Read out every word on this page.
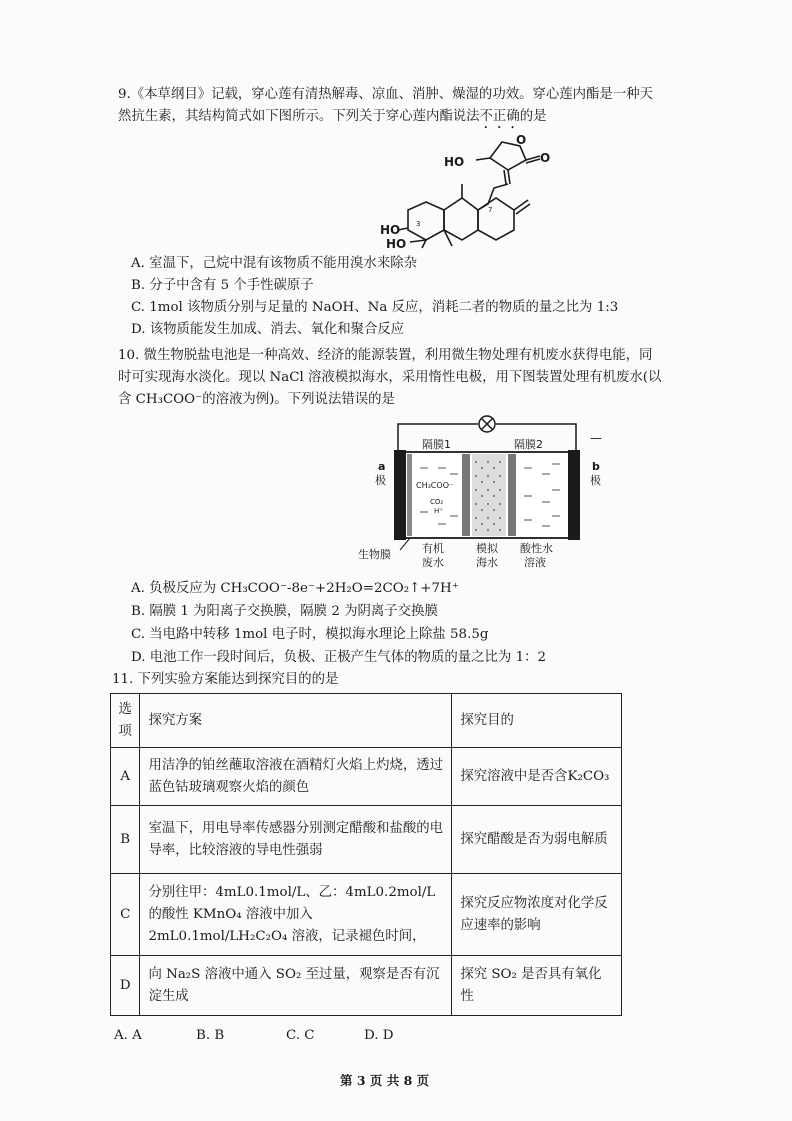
9.《本草纲目》记载，穿心莲有清热解毒、凉血、消肿、燥湿的功效。穿心莲内酯是一种天
然抗生素，其结构简式如下图所示。下列关于穿心莲内酯说法不正确的是
HO
O
O
HO
HO
3
7
A. 室温下，己烷中混有该物质不能用溴水来除杂
B. 分子中含有 5 个手性碳原子
C. 1mol 该物质分别与足量的 NaOH、Na 反应，消耗二者的物质的量之比为 1:3
D. 该物质能发生加成、消去、氧化和聚合反应
10. 微生物脱盐电池是一种高效、经济的能源装置，利用微生物处理有机废水获得电能，同
时可实现海水淡化。现以 NaCl 溶液模拟海水，采用惰性电极，用下图装置处理有机废水(以
含 CH₃COO⁻的溶液为例)。下列说法错误的是
隔膜1	隔膜2	—
a
极
b
极
CH₃COO⁻
CO₂
H⁺
生物膜	有机
废水
模拟
海水
酸性水
溶液
A. 负极反应为 CH₃COO⁻-8e⁻+2H₂O=2CO₂↑+7H⁺
B. 隔膜 1 为阳离子交换膜，隔膜 2 为阴离子交换膜
C. 当电路中转移 1mol 电子时，模拟海水理论上除盐 58.5g
D. 电池工作一段时间后，负极、正极产生气体的物质的量之比为 1：2
11. 下列实验方案能达到探究目的的是
选项	探究方案	探究目的
A	用洁净的铂丝蘸取溶液在酒精灯火焰上灼烧，透过蓝色钴玻璃观察火焰的颜色	探究溶液中是否含K₂CO₃
B	室温下，用电导率传感器分别测定醋酸和盐酸的电导率，比较溶液的导电性强弱	探究醋酸是否为弱电解质
C	分别往甲：4mL0.1mol/L、乙：4mL0.2mol/L 的酸性 KMnO₄ 溶液中加入 2mL0.1mol/LH₂C₂O₄ 溶液，记录褪色时间，	探究反应物浓度对化学反应速率的影响
D	向 Na₂S 溶液中通入 SO₂ 至过量，观察是否有沉淀生成	探究 SO₂ 是否具有氧化性
A. A	B. B	C. C	D. D
第 3 页 共 8 页
